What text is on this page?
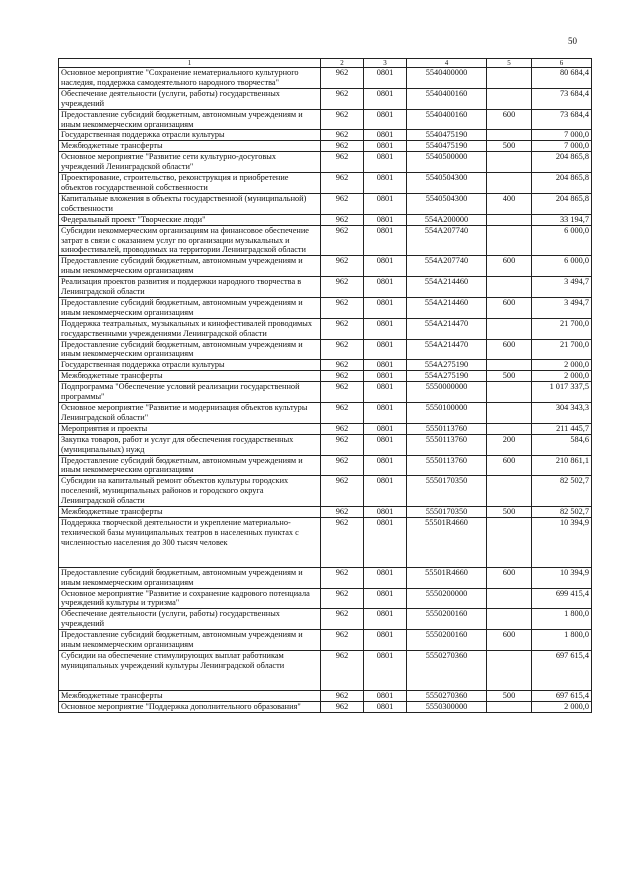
50
1	2	3	4	5	6
Основное мероприятие "Сохранение нематериального культурного наследия, поддержка самодеятельного народного творчества"	962	0801	5540400000		80 684,4
Обеспечение деятельности (услуги, работы) государственных учреждений	962	0801	5540400160		73 684,4
Предоставление субсидий бюджетным, автономным учреждениям и иным некоммерческим организациям	962	0801	5540400160	600	73 684,4
Государственная поддержка отрасли культуры	962	0801	5540475190		7 000,0
Межбюджетные трансферты	962	0801	5540475190	500	7 000,0
Основное мероприятие "Развитие сети культурно-досуговых учреждений Ленинградской области"	962	0801	5540500000		204 865,8
Проектирование, строительство, реконструкция и приобретение объектов государственной собственности	962	0801	5540504300		204 865,8
Капитальные вложения в объекты государственной (муниципальной) собственности	962	0801	5540504300	400	204 865,8
Федеральный проект "Творческие люди"	962	0801	554A200000		33 194,7
Субсидии некоммерческим организациям на финансовое обеспечение затрат в связи с оказанием услуг по организации музыкальных и кинофестивалей, проводимых на территории Ленинградской области	962	0801	554A207740		6 000,0
Предоставление субсидий бюджетным, автономным учреждениям и иным некоммерческим организациям	962	0801	554A207740	600	6 000,0
Реализация проектов развития и поддержки народного творчества в Ленинградской области	962	0801	554A214460		3 494,7
Предоставление субсидий бюджетным, автономным учреждениям и иным некоммерческим организациям	962	0801	554A214460	600	3 494,7
Поддержка театральных, музыкальных и кинофестивалей проводимых государственными учреждениями Ленинградской области	962	0801	554A214470		21 700,0
Предоставление субсидий бюджетным, автономным учреждениям и иным некоммерческим организациям	962	0801	554A214470	600	21 700,0
Государственная поддержка отрасли культуры	962	0801	554A275190		2 000,0
Межбюджетные трансферты	962	0801	554A275190	500	2 000,0
Подпрограмма "Обеспечение условий реализации государственной программы"	962	0801	5550000000		1 017 337,5
Основное мероприятие "Развитие и модернизация объектов культуры Ленинградской области"	962	0801	5550100000		304 343,3
Мероприятия и проекты	962	0801	5550113760		211 445,7
Закупка товаров, работ и услуг для обеспечения государственных (муниципальных) нужд	962	0801	5550113760	200	584,6
Предоставление субсидий бюджетным, автономным учреждениям и иным некоммерческим организациям	962	0801	5550113760	600	210 861,1
Субсидии на капитальный ремонт объектов культуры городских поселений, муниципальных районов и городского округа Ленинградской области	962	0801	5550170350		82 502,7
Межбюджетные трансферты	962	0801	5550170350	500	82 502,7
Поддержка творческой деятельности и укрепление материально-технической базы муниципальных театров в населенных пунктах с численностью населения до 300 тысяч человек	962	0801	55501R4660		10 394,9
Предоставление субсидий бюджетным, автономным учреждениям и иным некоммерческим организациям	962	0801	55501R4660	600	10 394,9
Основное мероприятие "Развитие и сохранение кадрового потенциала учреждений культуры и туризма"	962	0801	5550200000		699 415,4
Обеспечение деятельности (услуги, работы) государственных учреждений	962	0801	5550200160		1 800,0
Предоставление субсидий бюджетным, автономным учреждениям и иным некоммерческим организациям	962	0801	5550200160	600	1 800,0
Субсидии на обеспечение стимулирующих выплат работникам муниципальных учреждений культуры Ленинградской области	962	0801	5550270360		697 615,4
Межбюджетные трансферты	962	0801	5550270360	500	697 615,4
Основное мероприятие "Поддержка дополнительного образования"	962	0801	5550300000		2 000,0
